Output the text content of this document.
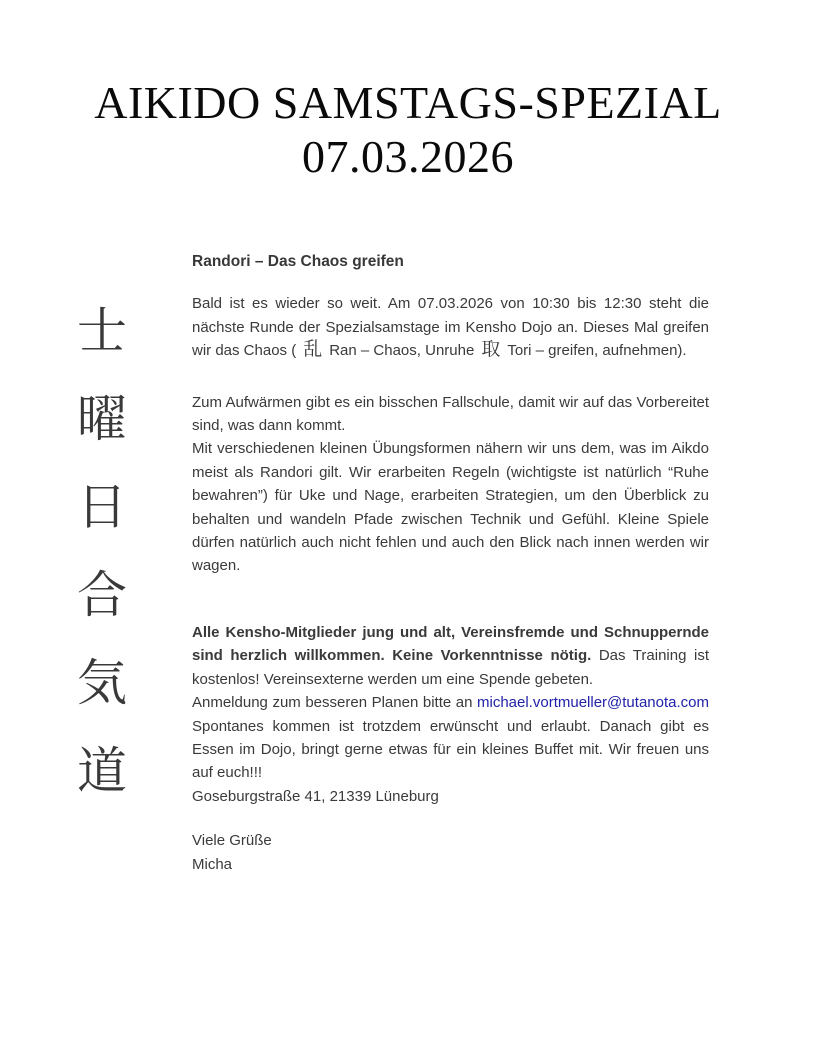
AIKIDO SAMSTAGS-SPEZIAL
07.03.2026
士
曜
日
合
気
道
Randori – Das Chaos greifen
Bald ist es wieder so weit. Am 07.03.2026 von 10:30 bis 12:30 steht die nächste Runde der Spezialsamstage im Kensho Dojo an. Dieses Mal greifen wir das Chaos ( 乱 Ran – Chaos, Unruhe 取 Tori – greifen, aufnehmen).
Zum Aufwärmen gibt es ein bisschen Fallschule, damit wir auf das Vorbereitet sind, was dann kommt.
Mit verschiedenen kleinen Übungsformen nähern wir uns dem, was im Aikdo meist als Randori gilt. Wir erarbeiten Regeln (wichtigste ist natürlich “Ruhe bewahren”) für Uke und Nage, erarbeiten Strategien, um den Überblick zu behalten und wandeln Pfade zwischen Technik und Gefühl. Kleine Spiele dürfen natürlich auch nicht fehlen und auch den Blick nach innen werden wir wagen.
Alle Kensho-Mitglieder jung und alt, Vereinsfremde und Schnuppernde sind herzlich willkommen. Keine Vorkenntnisse nötig. Das Training ist kostenlos! Vereinsexterne werden um eine Spende gebeten.
Anmeldung zum besseren Planen bitte an michael.vortmueller@tutanota.com Spontanes kommen ist trotzdem erwünscht und erlaubt. Danach gibt es Essen im Dojo, bringt gerne etwas für ein kleines Buffet mit. Wir freuen uns auf euch!!!
Goseburgstraße 41, 21339 Lüneburg
Viele Grüße
Micha
